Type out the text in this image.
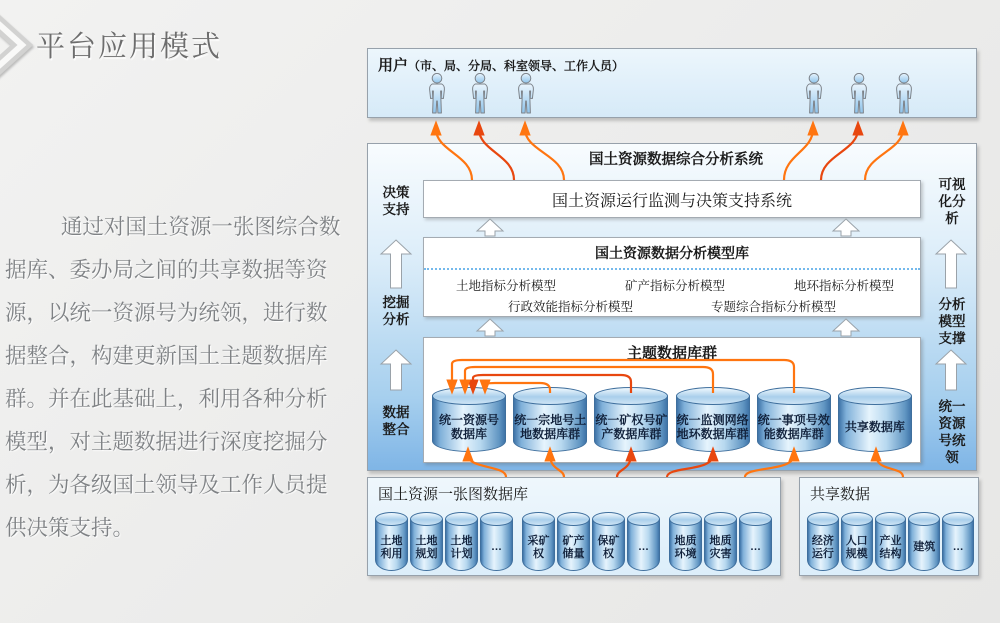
平台应用模式

通过对国土资源一张图综合数据库、委办局之间的共享数据等资源，以统一资源号为统领，进行数据整合，构建更新国土主题数据库群。并在此基础上，利用各种分析模型，对主题数据进行深度挖掘分析，为各级国土领导及工作人员提供决策支持。

用户（市、局、分局、科室领导、工作人员）
国土资源数据综合分析系统
国土资源运行监测与决策支持系统
国土资源数据分析模型库
土地指标分析模型	矿产指标分析模型	地环指标分析模型
行政效能指标分析模型	专题综合指标分析模型
主题数据库群
统一资源号
数据库
统一宗地号土
地数据库群
统一矿权号矿
产数据库群
统一监测网络
地环数据库群
统一事项号效
能数据库群	共享数据库
决策
支持
挖掘
分析
数据
整合
可视
化分
析
分析
模型
支撑
统一
资源
号统
领
国土资源一张图数据库
土地
利用
土地
规划
土地
计划
…
采矿
权
矿产
储量
保矿
权
…
地质
环境
地质
灾害
…
共享数据
经济
运行
人口
规模
产业
结构
建筑	…
